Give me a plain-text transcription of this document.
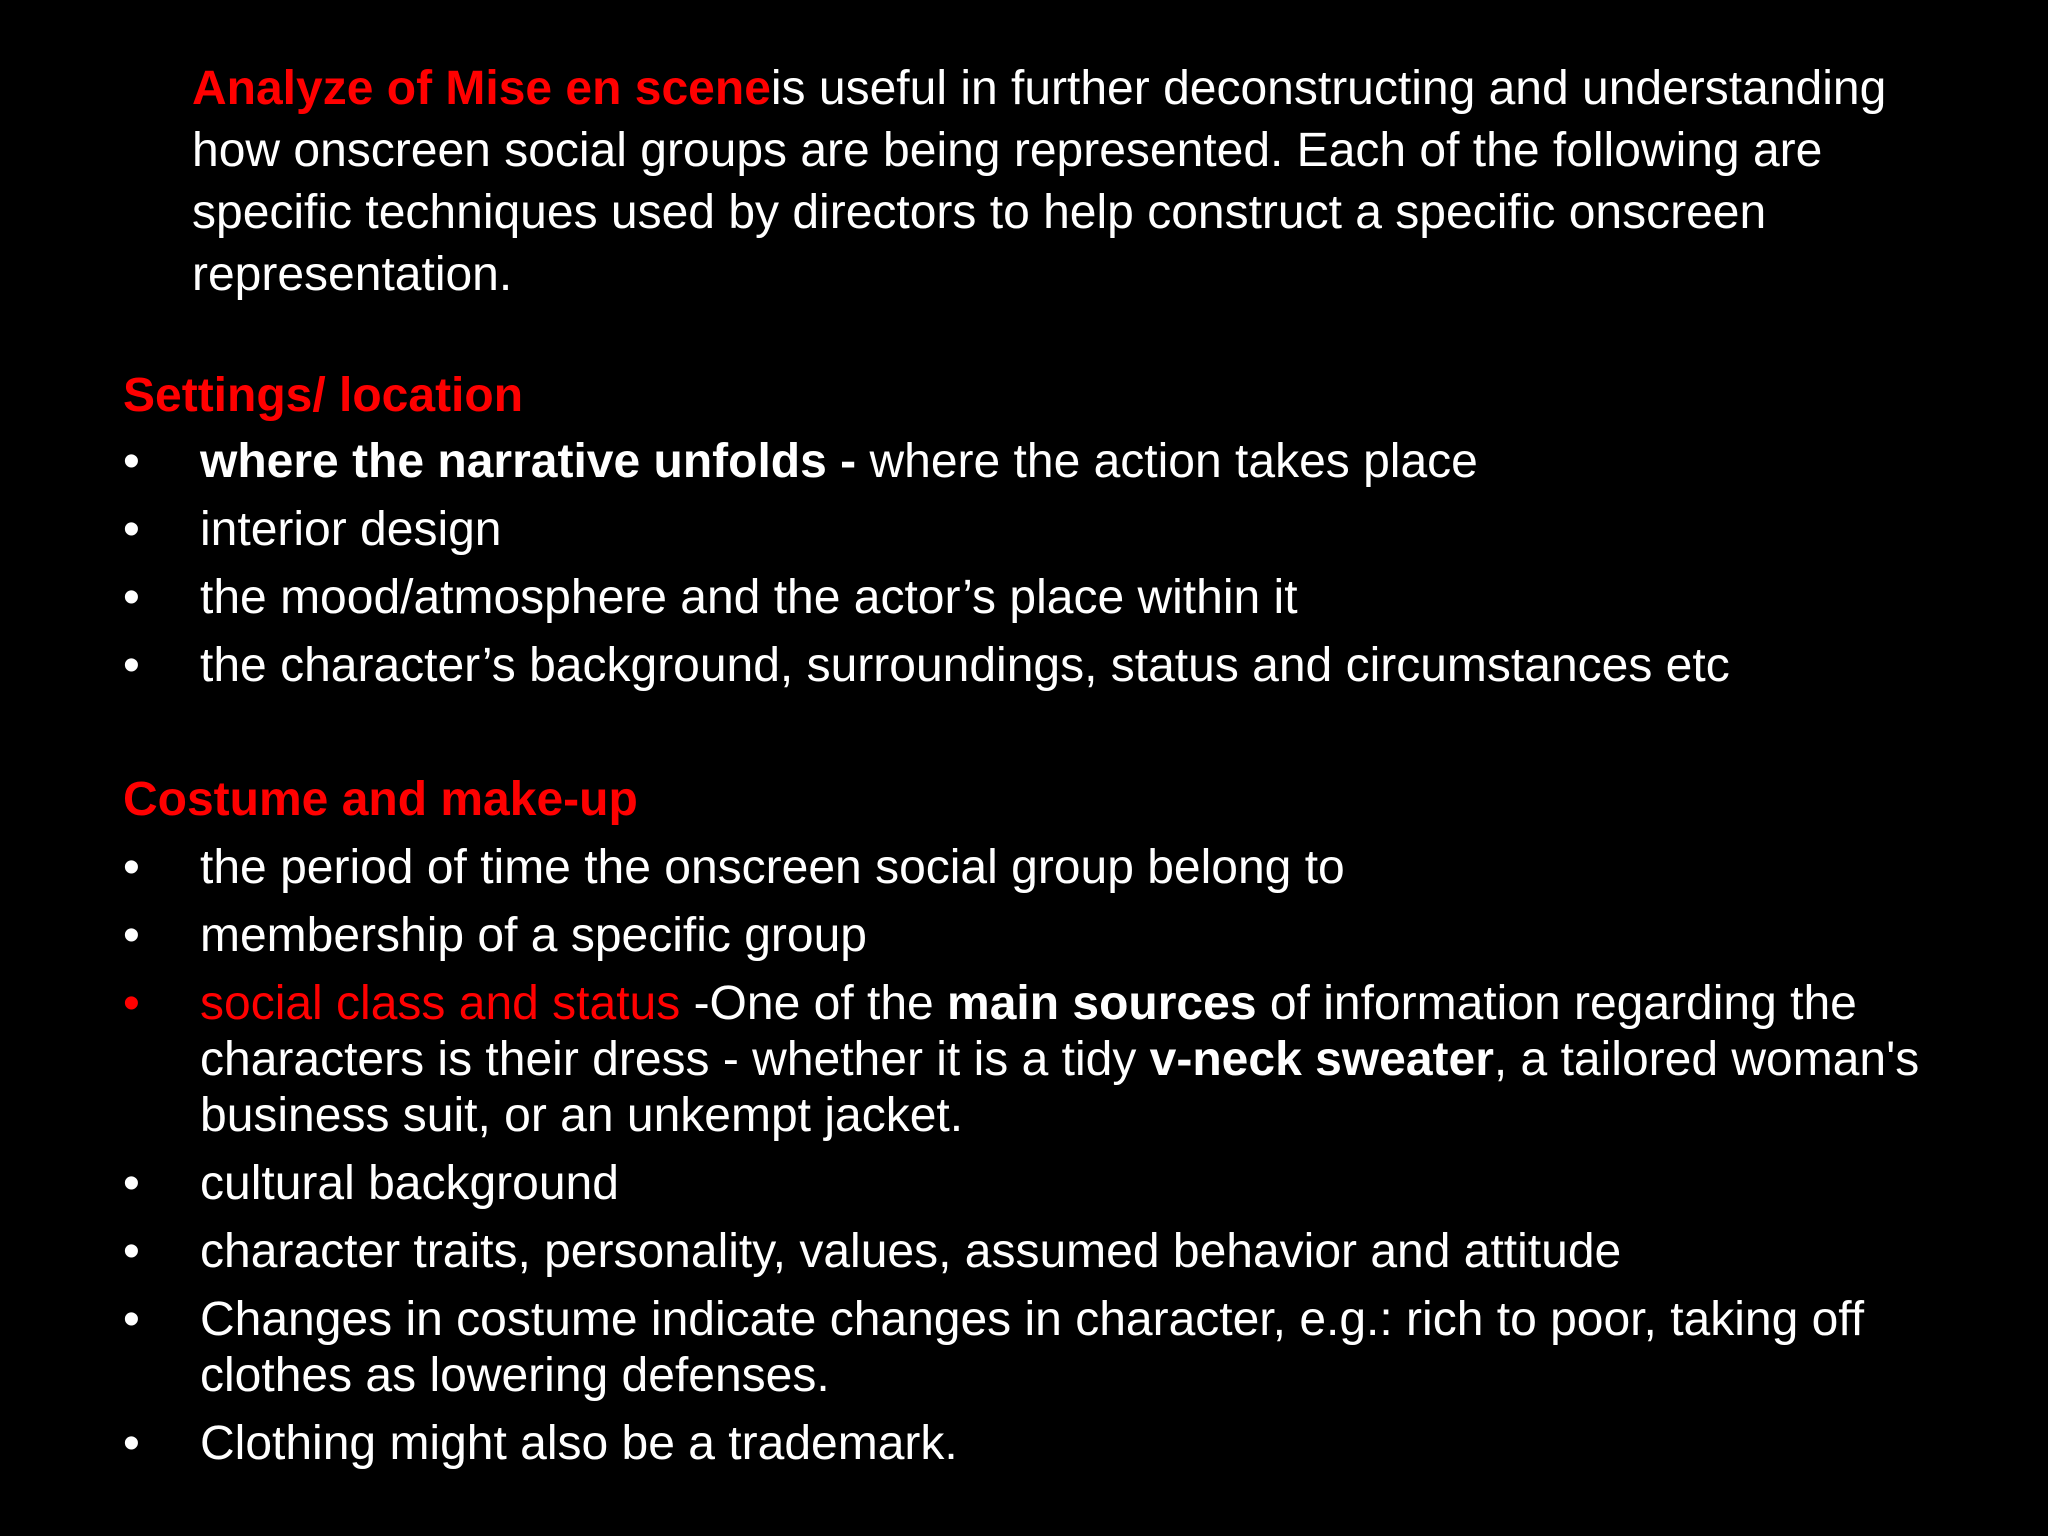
Analyze of Mise en sceneis useful in further deconstructing and understanding how onscreen social groups are being represented. Each of the following are specific techniques used by directors to help construct a specific onscreen representation.

Settings/ location
• where the narrative unfolds - where the action takes place
• interior design
• the mood/atmosphere and the actor’s place within it
• the character’s background, surroundings, status and circumstances etc
Costume and make-up
• the period of time the onscreen social group belong to
• membership of a specific group
• social class and status -One of the main sources of information regarding the characters is their dress - whether it is a tidy v-neck sweater, a tailored woman's business suit, or an unkempt jacket.
• cultural background
• character traits, personality, values, assumed behavior and attitude
• Changes in costume indicate changes in character, e.g.: rich to poor, taking off clothes as lowering defenses.
• Clothing might also be a trademark.
